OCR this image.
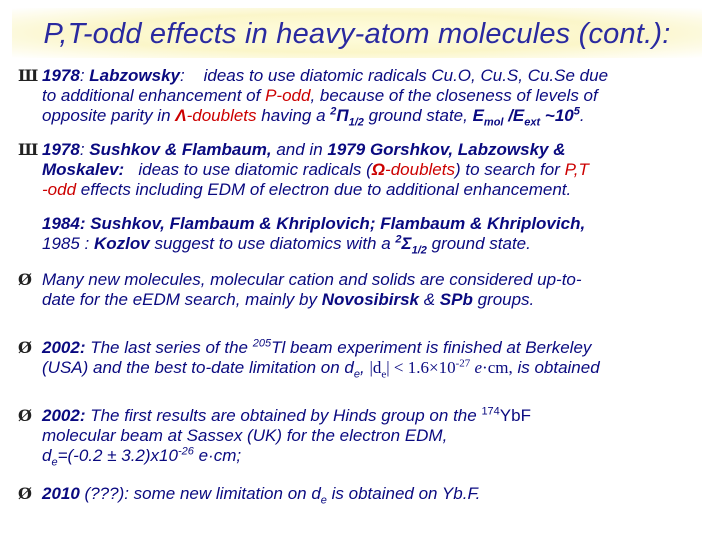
P,T-odd effects in heavy-atom molecules (cont.):
Ш 1978: Labzowsky:    ideas to use diatomic radicals Cu.O, Cu.S, Cu.Se due
to additional enhancement of P-odd, because of the closeness of levels of
opposite parity in Λ-doublets having a $^2\Pi_{1/2}$ ground state, $E_{mol}$ $/E_{ext}$ $\sim 10^5$.
Ш 1978: Sushkov & Flambaum, and in 1979 Gorshkov, Labzowsky &
Moskalev: ideas to use diatomic radicals (Ω-doublets) to search for P,T
-odd effects including EDM of electron due to additional enhancement.
1984: Sushkov, Flambaum & Khriplovich; Flambaum & Khriplovich,
1985 : Kozlov suggest to use diatomics with a $^2\Sigma_{1/2}$ ground state.
Ø Many new molecules, molecular cation and solids are considered up-to-
date for the eEDM search, mainly by Novosibirsk & SPb groups.
Ø 2002: The last series of the $^{205}$Tl beam experiment is finished at Berkeley
(USA) and the best to-date limitation on $d_e$, $|d_e| < 1.6\times 10^{-27}$ e·cm, is obtained
Ø 2002: The first results are obtained by Hinds group on the $^{174}$YbF
molecular beam at Sassex (UK) for the electron EDM,
$d_e=(-0.2 \pm 3.2)x10^{-26}$ e·cm;
Ø 2010 (???): some new limitation on $d_e$ is obtained on Yb.F.
